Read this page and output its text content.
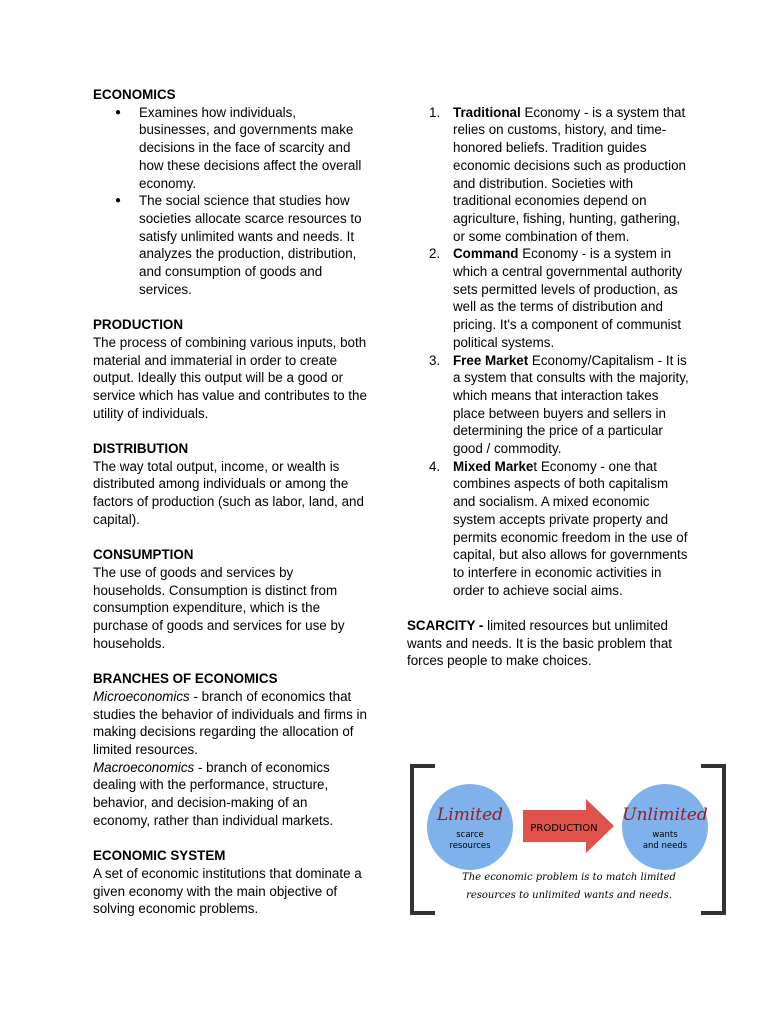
ECONOMICS

● Examines how individuals, businesses, and governments make decisions in the face of scarcity and how these decisions affect the overall economy.
● The social science that studies how societies allocate scarce resources to satisfy unlimited wants and needs. It analyzes the production, distribution, and consumption of goods and services.

PRODUCTION

The process of combining various inputs, both material and immaterial in order to create output. Ideally this output will be a good or service which has value and contributes to the utility of individuals.

DISTRIBUTION

The way total output, income, or wealth is distributed among individuals or among the factors of production (such as labor, land, and capital).

CONSUMPTION

The use of goods and services by households. Consumption is distinct from consumption expenditure, which is the purchase of goods and services for use by households.

BRANCHES OF ECONOMICS

Microeconomics - branch of economics that studies the behavior of individuals and firms in making decisions regarding the allocation of limited resources.

Macroeconomics - branch of economics dealing with the performance, structure, behavior, and decision-making of an economy, rather than individual markets.

ECONOMIC SYSTEM

A set of economic institutions that dominate a given economy with the main objective of solving economic problems.

1. Traditional Economy - is a system that relies on customs, history, and time-honored beliefs. Tradition guides economic decisions such as production and distribution. Societies with traditional economies depend on agriculture, fishing, hunting, gathering, or some combination of them.
2. Command Economy - is a system in which a central governmental authority sets permitted levels of production, as well as the terms of distribution and pricing. It's a component of communist political systems.
3. Free Market Economy/Capitalism - It is a system that consults with the majority, which means that interaction takes place between buyers and sellers in determining the price of a particular good / commodity.
4. Mixed Market Economy - one that combines aspects of both capitalism and socialism. A mixed economic system accepts private property and permits economic freedom in the use of capital, but also allows for governments to interfere in economic activities in order to achieve social aims.

SCARCITY - limited resources but unlimited wants and needs. It is the basic problem that forces people to make choices.

Limited
scarce
resources
PRODUCTION
Unlimited
wants
and needs
The economic problem is to match limited
resources to unlimited wants and needs.
